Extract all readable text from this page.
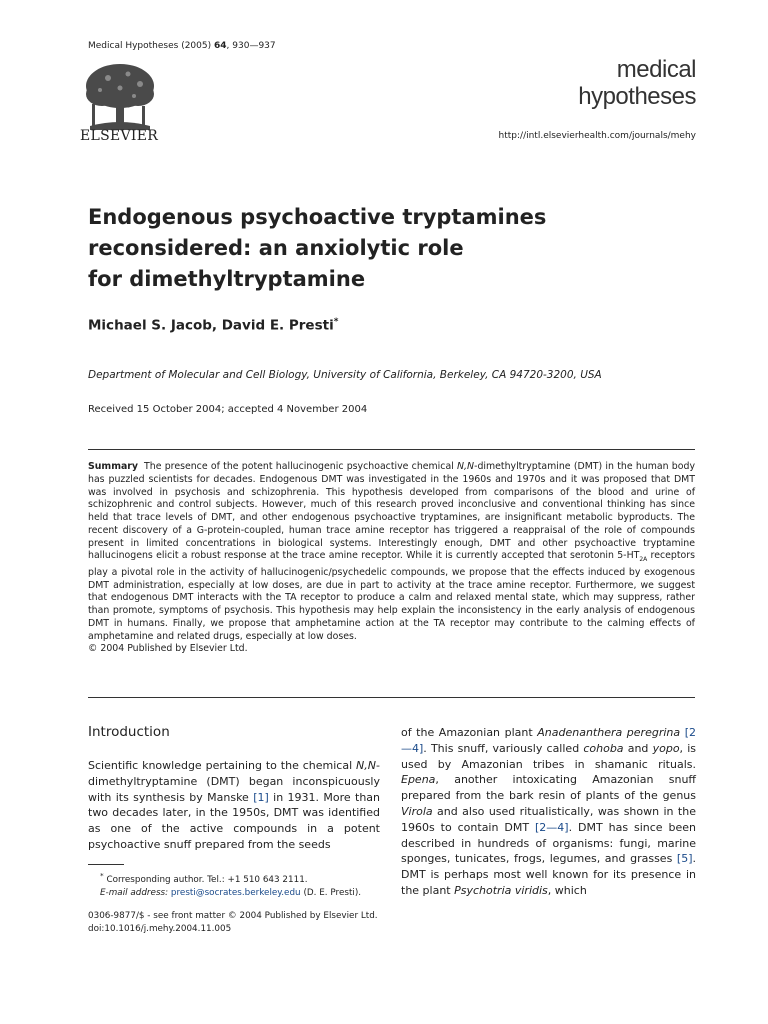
Medical Hypotheses (2005) 64, 930—937
ELSEVIER
medical
hypotheses
http://intl.elsevierhealth.com/journals/mehy
Endogenous psychoactive tryptamines
reconsidered: an anxiolytic role
for dimethyltryptamine
Michael S. Jacob, David E. Presti*
Department of Molecular and Cell Biology, University of California, Berkeley, CA 94720-3200, USA
Received 15 October 2004; accepted 4 November 2004
Summary The presence of the potent hallucinogenic psychoactive chemical N,N-dimethyltryptamine (DMT) in the human body has puzzled scientists for decades. Endogenous DMT was investigated in the 1960s and 1970s and it was proposed that DMT was involved in psychosis and schizophrenia. This hypothesis developed from comparisons of the blood and urine of schizophrenic and control subjects. However, much of this research proved inconclusive and conventional thinking has since held that trace levels of DMT, and other endogenous psychoactive tryptamines, are insignificant metabolic byproducts. The recent discovery of a G-protein-coupled, human trace amine receptor has triggered a reappraisal of the role of compounds present in limited concentrations in biological systems. Interestingly enough, DMT and other psychoactive tryptamine hallucinogens elicit a robust response at the trace amine receptor. While it is currently accepted that serotonin $5-HT_{2A}$ receptors play a pivotal role in the activity of hallucinogenic/psychedelic compounds, we propose that the effects induced by exogenous DMT administration, especially at low doses, are due in part to activity at the trace amine receptor. Furthermore, we suggest that endogenous DMT interacts with the TA receptor to produce a calm and relaxed mental state, which may suppress, rather than promote, symptoms of psychosis. This hypothesis may help explain the inconsistency in the early analysis of endogenous DMT in humans. Finally, we propose that amphetamine action at the TA receptor may contribute to the calming effects of amphetamine and related drugs, especially at low doses.
© 2004 Published by Elsevier Ltd.
Introduction
Scientific knowledge pertaining to the chemical N,N-dimethyltryptamine (DMT) began inconspicuously with its synthesis by Manske [1] in 1931. More than two decades later, in the 1950s, DMT was identified as one of the active compounds in a potent psychoactive snuff prepared from the seeds
* Corresponding author. Tel.: +1 510 643 2111.
E-mail address: presti@socrates.berkeley.edu (D. E. Presti).
of the Amazonian plant Anadenanthera peregrina [2—4]. This snuff, variously called cohoba and yopo, is used by Amazonian tribes in shamanic rituals. Epena, another intoxicating Amazonian snuff prepared from the bark resin of plants of the genus Virola and also used ritualistically, was shown in the 1960s to contain DMT [2—4]. DMT has since been described in hundreds of organisms: fungi, marine sponges, tunicates, frogs, legumes, and grasses [5]. DMT is perhaps most well known for its presence in the plant Psychotria viridis, which
0306-9877/$ - see front matter © 2004 Published by Elsevier Ltd.
doi:10.1016/j.mehy.2004.11.005
